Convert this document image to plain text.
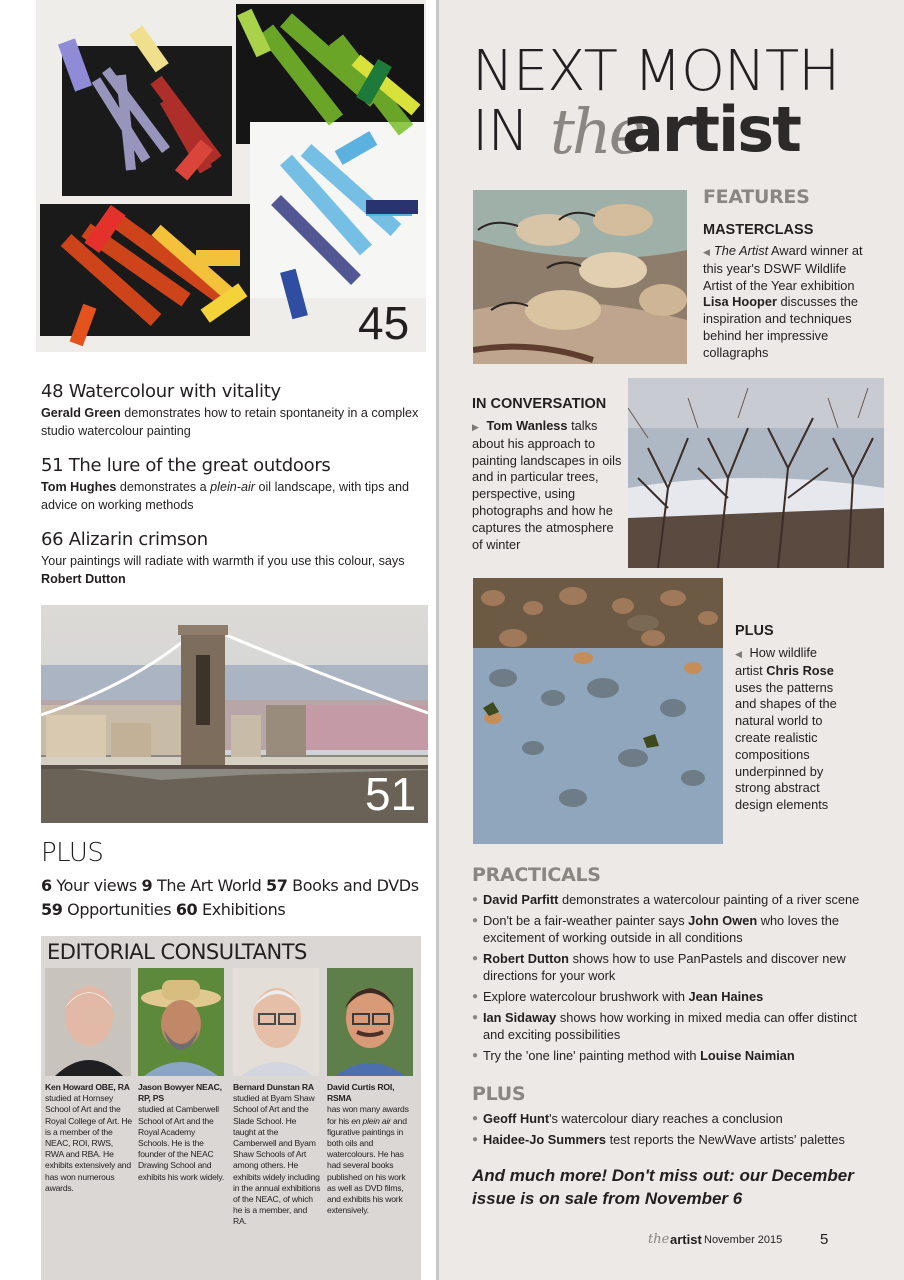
45
48 Watercolour with vitality
Gerald Green demonstrates how to retain spontaneity in a complex studio watercolour painting
51 The lure of the great outdoors
Tom Hughes demonstrates a plein-air oil landscape, with tips and advice on working methods
66 Alizarin crimson
Your paintings will radiate with warmth if you use this colour, says Robert Dutton
51
PLUS
6 Your views 9 The Art World 57 Books and DVDs 59 Opportunities 60 Exhibitions
EDITORIAL CONSULTANTS
Ken Howard OBE, RA
studied at Hornsey School of Art and the Royal College of Art. He is a member of the NEAC, ROI, RWS, RWA and RBA. He exhibits extensively and has won numerous awards.
Jason Bowyer NEAC, RP, PS
studied at Camberwell School of Art and the Royal Academy Schools. He is the founder of the NEAC Drawing School and exhibits his work widely.
Bernard Dunstan RA
studied at Byam Shaw School of Art and the Slade School. He taught at the Camberwell and Byam Shaw Schools of Art among others. He exhibits widely including in the annual exhibitions of the NEAC, of which he is a member, and RA.
David Curtis ROI, RSMA
has won many awards for his en plein air and figurative paintings in both oils and watercolours. He has had several books published on his work as well as DVD films, and exhibits his work extensively.
NEXT MONTH
IN the
artist
FEATURES
MASTERCLASS
◀ The Artist Award winner at this year's DSWF Wildlife Artist of the Year exhibition Lisa Hooper discusses the inspiration and techniques behind her impressive collagraphs
IN CONVERSATION
▶ Tom Wanless talks about his approach to painting landscapes in oils and in particular trees, perspective, using photographs and how he captures the atmosphere of winter
PLUS
◀ How wildlife artist Chris Rose uses the patterns and shapes of the natural world to create realistic compositions underpinned by strong abstract design elements
PRACTICALS
● David Parfitt demonstrates a watercolour painting of a river scene
● Don't be a fair-weather painter says John Owen who loves the excitement of working outside in all conditions
● Robert Dutton shows how to use PanPastels and discover new directions for your work
● Explore watercolour brushwork with Jean Haines
● Ian Sidaway shows how working in mixed media can offer distinct and exciting possibilities
● Try the 'one line' painting method with Louise Naimian
PLUS
● Geoff Hunt's watercolour diary reaches a conclusion
● Haidee-Jo Summers test reports the NewWave artists' palettes
And much more! Don't miss out: our December issue is on sale from November 6
the artist November 2015	5
